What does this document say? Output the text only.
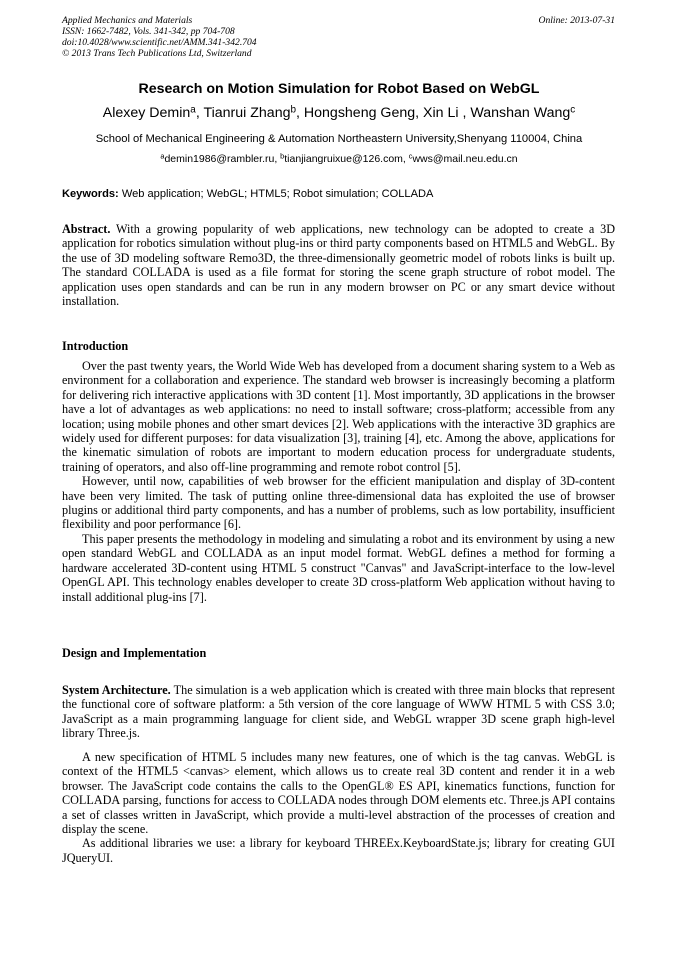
Applied Mechanics and Materials
ISSN: 1662-7482, Vols. 341-342, pp 704-708
doi:10.4028/www.scientific.net/AMM.341-342.704
© 2013 Trans Tech Publications Ltd, Switzerland
Online: 2013-07-31
Research on Motion Simulation for Robot Based on WebGL
Alexey Demin$^a$, Tianrui Zhang$^b$, Hongsheng Geng, Xin Li , Wanshan Wang$^c$
School of Mechanical Engineering & Automation Northeastern University,Shenyang 110004, China
$^a$demin1986@rambler.ru, $^b$tianjiangruixue@126.com, $^c$wws@mail.neu.edu.cn
Keywords: Web application; WebGL; HTML5; Robot simulation; COLLADA

Abstract. With a growing popularity of web applications, new technology can be adopted to create a 3D application for robotics simulation without plug-ins or third party components based on HTML5 and WebGL. By the use of 3D modeling software Remo3D, the three-dimensionally geometric model of robots links is built up. The standard COLLADA is used as a file format for storing the scene graph structure of robot model. The application uses open standards and can be run in any modern browser on PC or any smart device without installation.

Introduction

Over the past twenty years, the World Wide Web has developed from a document sharing system to a Web as environment for a collaboration and experience. The standard web browser is increasingly becoming a platform for delivering rich interactive applications with 3D content [1]. Most importantly, 3D applications in the browser have a lot of advantages as web applications: no need to install software; cross-platform; accessible from any location; using mobile phones and other smart devices [2]. Web applications with the interactive 3D graphics are widely used for different purposes: for data visualization [3], training [4], etc. Among the above, applications for the kinematic simulation of robots are important to modern education process for undergraduate students, training of operators, and also off-line programming and remote robot control [5].

However, until now, capabilities of web browser for the efficient manipulation and display of 3D-content have been very limited. The task of putting online three-dimensional data has exploited the use of browser plugins or additional third party components, and has a number of problems, such as low portability, insufficient flexibility and poor performance [6].

This paper presents the methodology in modeling and simulating a robot and its environment by using a new open standard WebGL and COLLADA as an input model format. WebGL defines a method for forming a hardware accelerated 3D-content using HTML 5 construct "Canvas" and JavaScript-interface to the low-level OpenGL API. This technology enables developer to create 3D cross-platform Web application without having to install additional plug-ins [7].

Design and Implementation

System Architecture. The simulation is a web application which is created with three main blocks that represent the functional core of software platform: a 5th version of the core language of WWW HTML 5 with CSS 3.0; JavaScript as a main programming language for client side, and WebGL wrapper 3D scene graph high-level library Three.js.

A new specification of HTML 5 includes many new features, one of which is the tag canvas. WebGL is context of the HTML5 <canvas> element, which allows us to create real 3D content and render it in a web browser. The JavaScript code contains the calls to the OpenGL® ES API, kinematics functions, function for COLLADA parsing, functions for access to COLLADA nodes through DOM elements etc. Three.js API contains a set of classes written in JavaScript, which provide a multi-level abstraction of the processes of creation and display the scene.

As additional libraries we use: a library for keyboard THREEx.KeyboardState.js; library for creating GUI JQueryUI.
